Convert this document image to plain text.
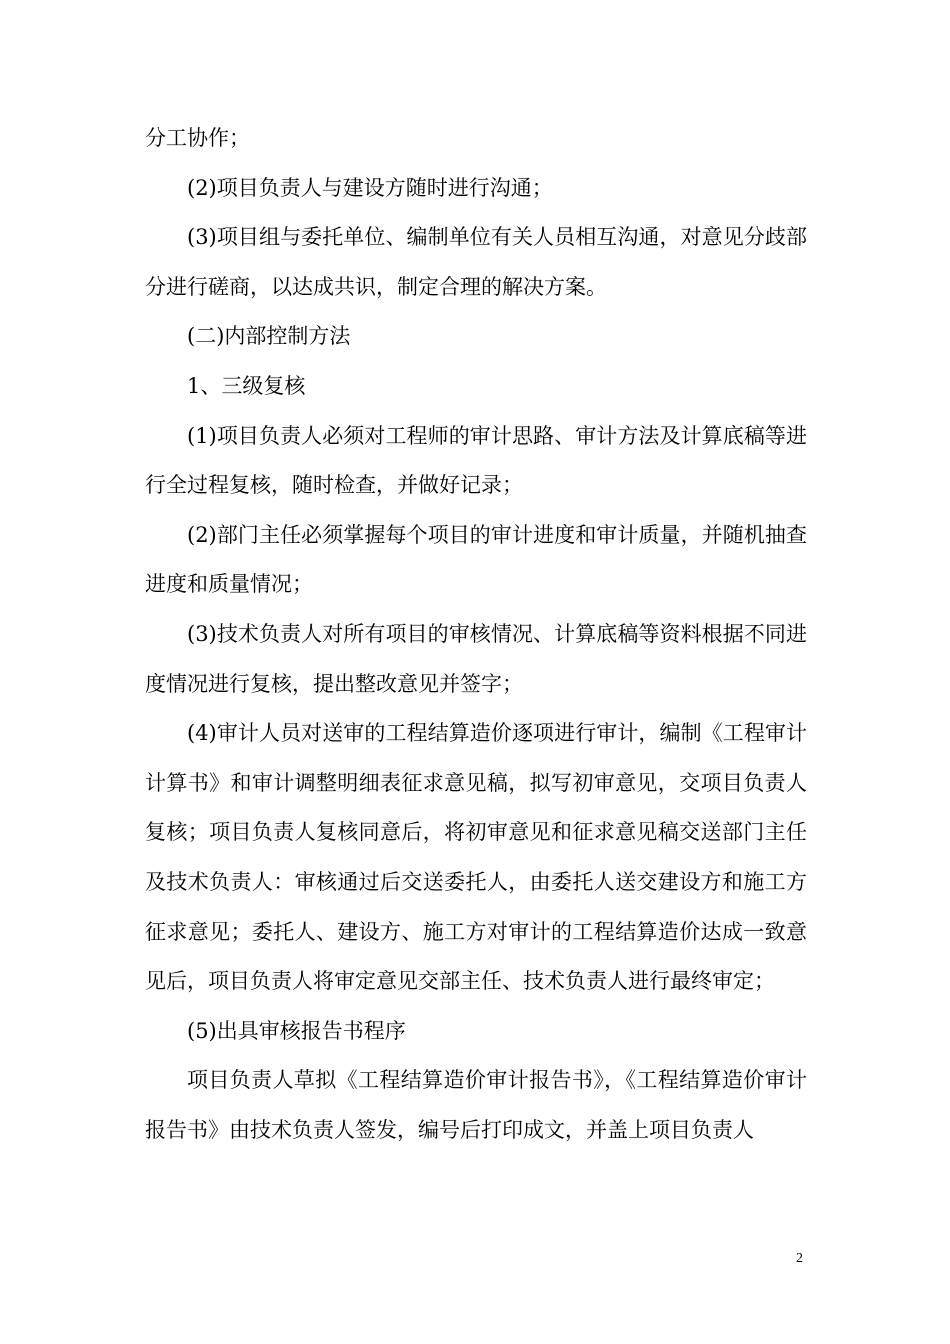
分工协作；

(2)项目负责人与建设方随时进行沟通；

(3)项目组与委托单位、编制单位有关人员相互沟通，对意见分歧部分进行磋商，以达成共识，制定合理的解决方案。

(二)内部控制方法

1、三级复核

(1)项目负责人必须对工程师的审计思路、审计方法及计算底稿等进行全过程复核，随时检查，并做好记录；

(2)部门主任必须掌握每个项目的审计进度和审计质量，并随机抽查进度和质量情况；

(3)技术负责人对所有项目的审核情况、计算底稿等资料根据不同进度情况进行复核，提出整改意见并签字；

(4)审计人员对送审的工程结算造价逐项进行审计，编制《工程审计计算书》和审计调整明细表征求意见稿，拟写初审意见，交项目负责人复核；项目负责人复核同意后，将初审意见和征求意见稿交送部门主任及技术负责人：审核通过后交送委托人，由委托人送交建设方和施工方征求意见；委托人、建设方、施工方对审计的工程结算造价达成一致意见后，项目负责人将审定意见交部主任、技术负责人进行最终审定；

(5)出具审核报告书程序

项目负责人草拟《工程结算造价审计报告书》，《工程结算造价审计报告书》由技术负责人签发，编号后打印成文，并盖上项目负责人

2
